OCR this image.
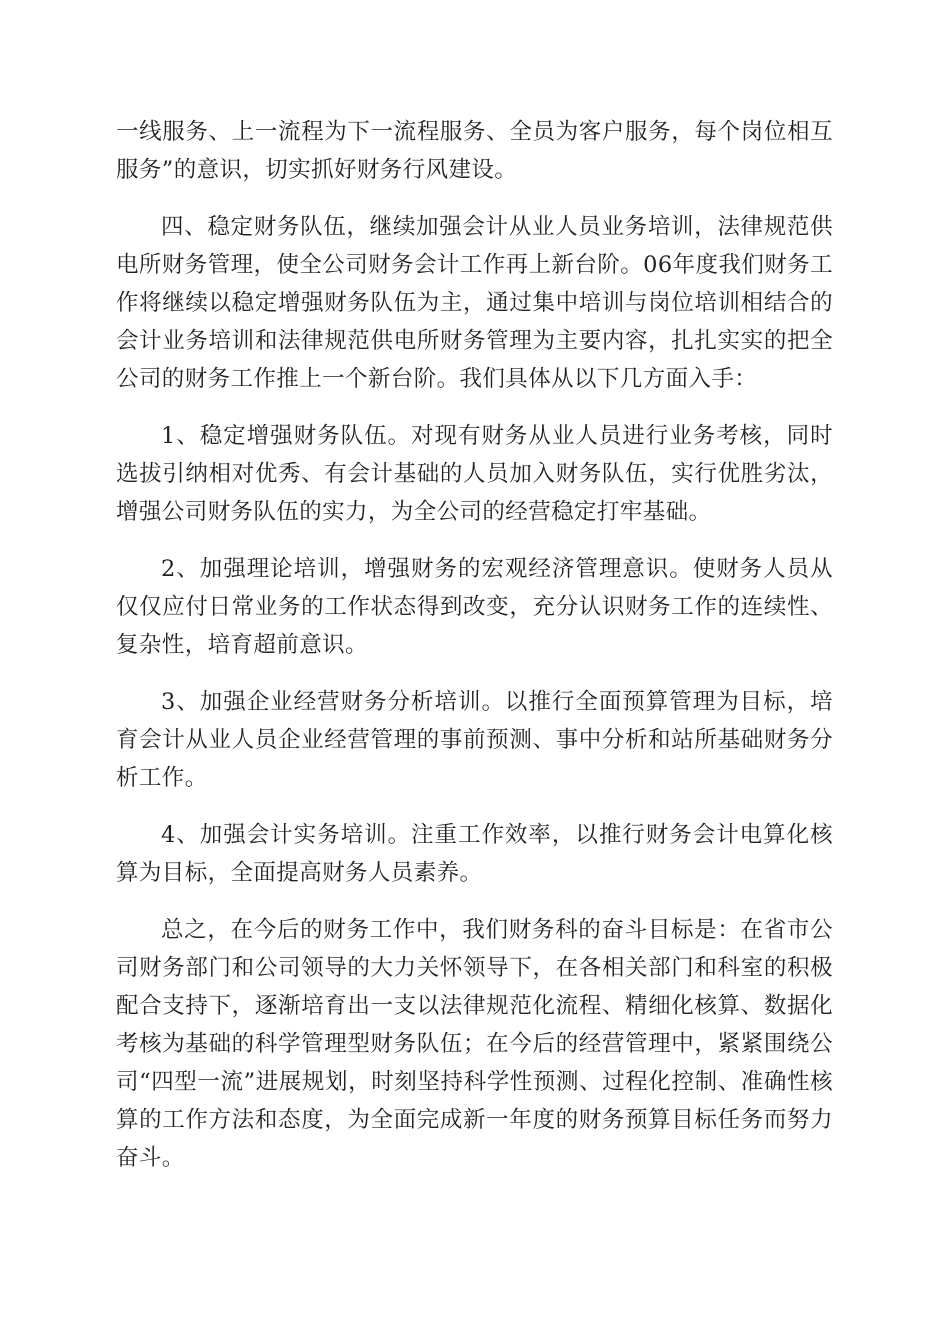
一线服务、上一流程为下一流程服务、全员为客户服务，每个岗位相互服务”的意识，切实抓好财务行风建设。

四、稳定财务队伍，继续加强会计从业人员业务培训，法律规范供电所财务管理，使全公司财务会计工作再上新台阶。06年度我们财务工作将继续以稳定增强财务队伍为主，通过集中培训与岗位培训相结合的会计业务培训和法律规范供电所财务管理为主要内容，扎扎实实的把全公司的财务工作推上一个新台阶。我们具体从以下几方面入手：

1、稳定增强财务队伍。对现有财务从业人员进行业务考核，同时选拔引纳相对优秀、有会计基础的人员加入财务队伍，实行优胜劣汰，增强公司财务队伍的实力，为全公司的经营稳定打牢基础。

2、加强理论培训，增强财务的宏观经济管理意识。使财务人员从仅仅应付日常业务的工作状态得到改变，充分认识财务工作的连续性、复杂性，培育超前意识。

3、加强企业经营财务分析培训。以推行全面预算管理为目标，培育会计从业人员企业经营管理的事前预测、事中分析和站所基础财务分析工作。

4、加强会计实务培训。注重工作效率，以推行财务会计电算化核算为目标，全面提高财务人员素养。

总之，在今后的财务工作中，我们财务科的奋斗目标是：在省市公司财务部门和公司领导的大力关怀领导下，在各相关部门和科室的积极配合支持下，逐渐培育出一支以法律规范化流程、精细化核算、数据化考核为基础的科学管理型财务队伍；在今后的经营管理中，紧紧围绕公司“四型一流”进展规划，时刻坚持科学性预测、过程化控制、准确性核算的工作方法和态度，为全面完成新一年度的财务预算目标任务而努力奋斗。
